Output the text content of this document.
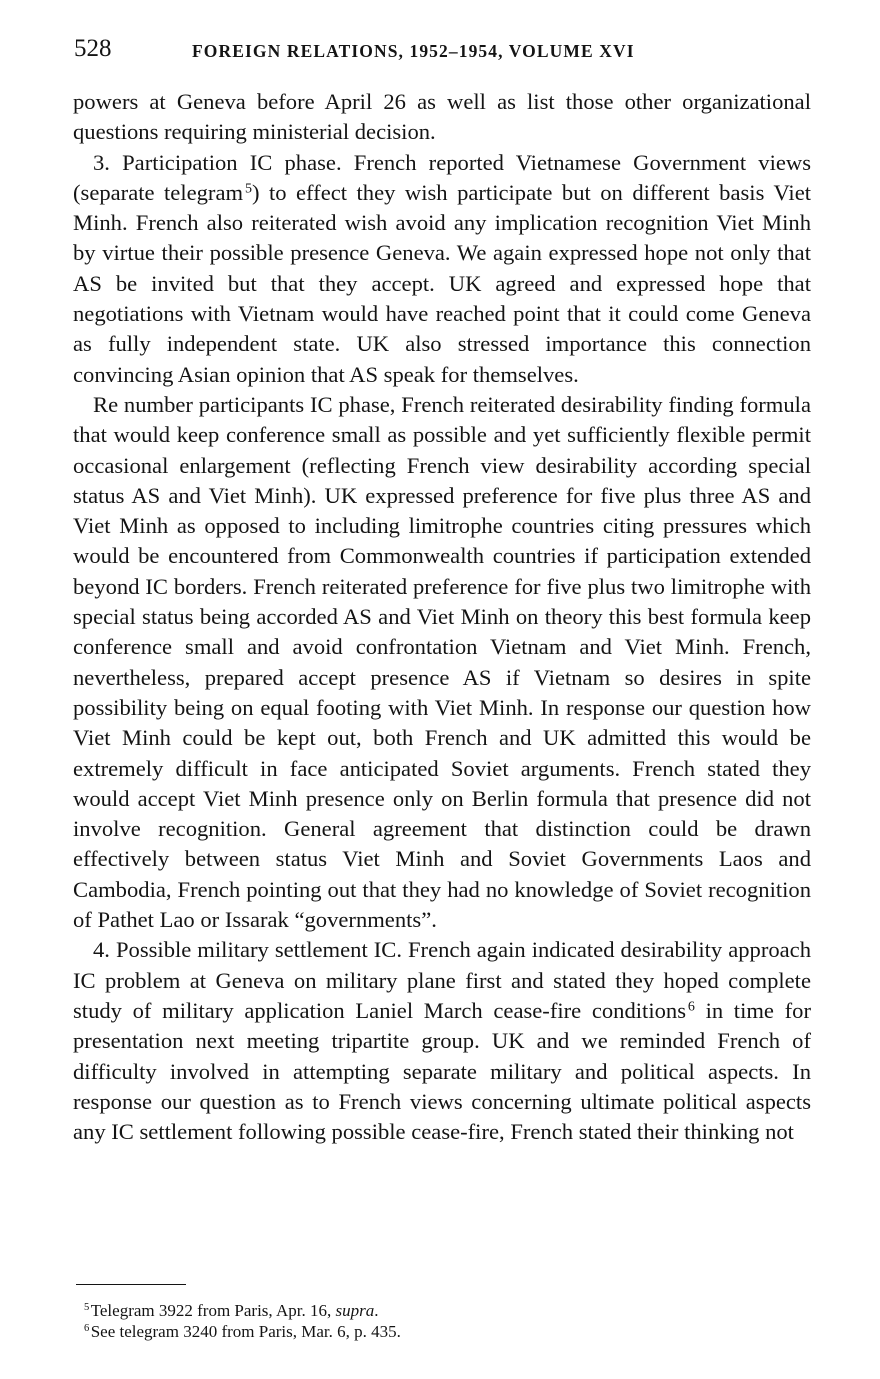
528	FOREIGN RELATIONS, 1952–1954, VOLUME XVI

powers at Geneva before April 26 as well as list those other organizational questions requiring ministerial decision.

3. Participation IC phase. French reported Vietnamese Government views (separate telegram  $^5$) to effect they wish participate but on different basis Viet Minh. French also reiterated wish avoid any implication recognition Viet Minh by virtue their possible presence Geneva. We again expressed hope not only that AS be invited but that they accept. UK agreed and expressed hope that negotiations with Vietnam would have reached point that it could come Geneva as fully independent state. UK also stressed importance this connection convincing Asian opinion that AS speak for themselves.

Re number participants IC phase, French reiterated desirability finding formula that would keep conference small as possible and yet sufficiently flexible permit occasional enlargement (reflecting French view desirability according special status AS and Viet Minh). UK expressed preference for five plus three AS and Viet Minh as opposed to including limitrophe countries citing pressures which would be encountered from Commonwealth countries if participation extended beyond IC borders. French reiterated preference for five plus two limitrophe with special status being accorded AS and Viet Minh on theory this best formula keep conference small and avoid confrontation Vietnam and Viet Minh. French, nevertheless, prepared accept presence AS if Vietnam so desires in spite possibility being on equal footing with Viet Minh. In response our question how Viet Minh could be kept out, both French and UK admitted this would be extremely difficult in face anticipated Soviet arguments. French stated they would accept Viet Minh presence only on Berlin formula that presence did not involve recognition. General agreement that distinction could be drawn effectively between status Viet Minh and Soviet Governments Laos and Cambodia, French pointing out that they had no knowledge of Soviet recognition of Pathet Lao or Issarak “governments”.

4. Possible military settlement IC. French again indicated desirability approach IC problem at Geneva on military plane first and stated they hoped complete study of military application Laniel March cease-fire conditions  $^6$ in time for presentation next meeting tripartite group. UK and we reminded French of difficulty involved in attempting separate military and political aspects. In response our question as to French views concerning ultimate political aspects any IC settlement following possible cease-fire, French stated their thinking not

$^5$ Telegram 3922 from Paris, Apr. 16, supra.

$^6$ See telegram 3240 from Paris, Mar. 6, p. 435.
